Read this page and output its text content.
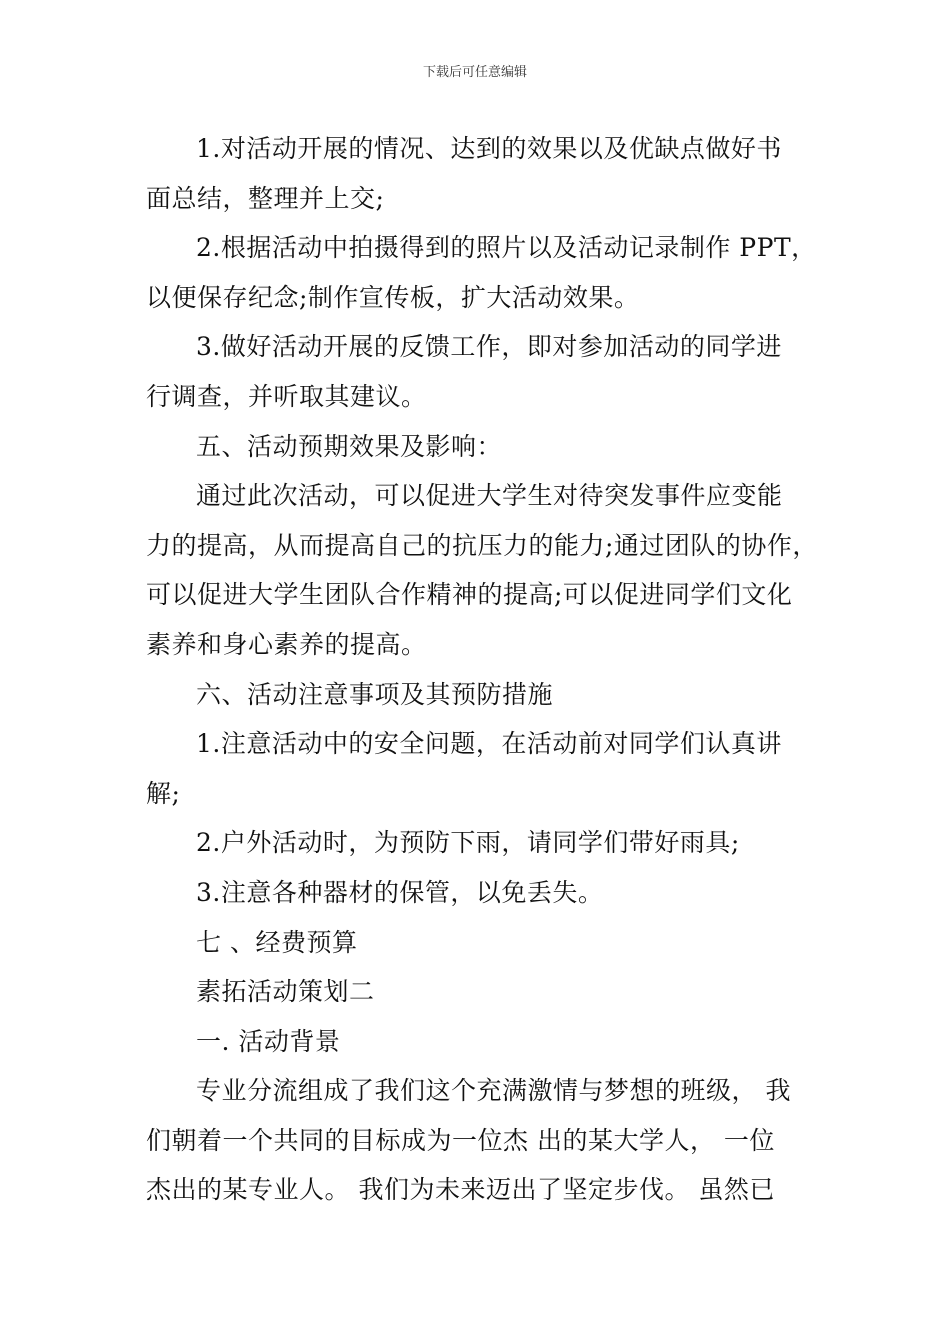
下载后可任意编辑
1.对活动开展的情况、达到的效果以及优缺点做好书
面总结，整理并上交;
2.根据活动中拍摄得到的照片以及活动记录制作 PPT，
以便保存纪念;制作宣传板，扩大活动效果。
3.做好活动开展的反馈工作，即对参加活动的同学进
行调查，并听取其建议。
五、活动预期效果及影响：
通过此次活动，可以促进大学生对待突发事件应变能
力的提高，从而提高自己的抗压力的能力;通过团队的协作，
可以促进大学生团队合作精神的提高;可以促进同学们文化
素养和身心素养的提高。
六、活动注意事项及其预防措施
1.注意活动中的安全问题，在活动前对同学们认真讲
解;
2.户外活动时，为预防下雨，请同学们带好雨具;
3.注意各种器材的保管，以免丢失。
七 、经费预算
素拓活动策划二
一. 活动背景
专业分流组成了我们这个充满激情与梦想的班级， 我
们朝着一个共同的目标成为一位杰 出的某大学人， 一位
杰出的某专业人。 我们为未来迈出了坚定步伐。 虽然已
